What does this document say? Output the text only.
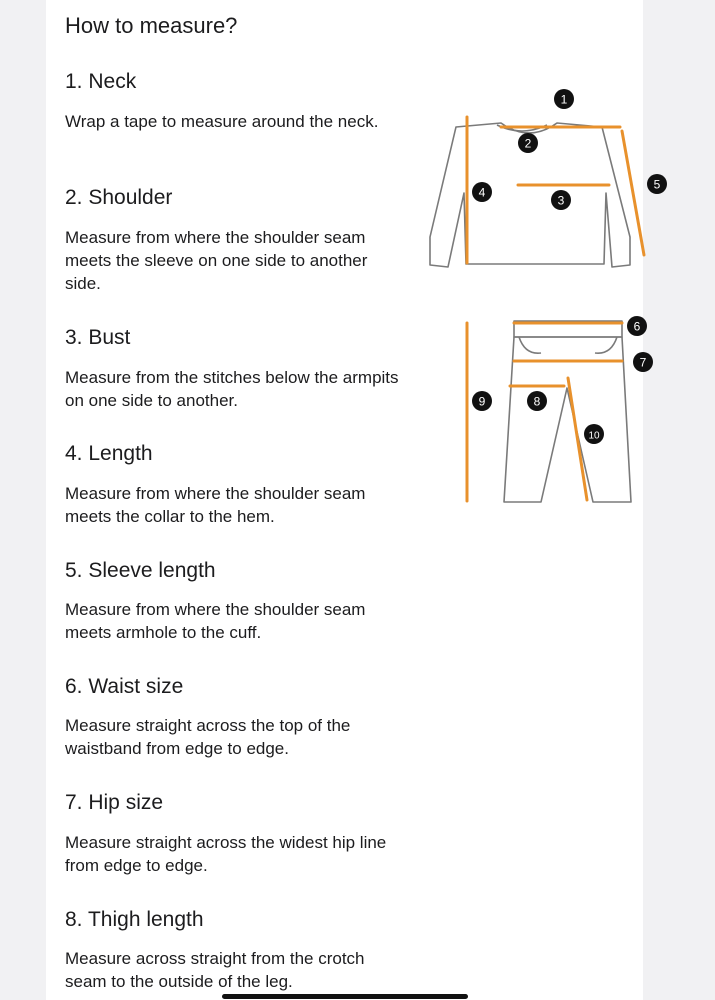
How to measure?
1. Neck
Wrap a tape to measure around the neck.
2. Shoulder
Measure from where the shoulder seam meets the sleeve on one side to another side.
3. Bust
Measure from the stitches below the armpits on one side to another.
4. Length
Measure from where the shoulder seam meets the collar to the hem.
5. Sleeve length
Measure from where the shoulder seam meets armhole to the cuff.
6. Waist size
Measure straight across the top of the waistband from edge to edge.
7. Hip size
Measure straight across the widest hip line from edge to edge.
8. Thigh length
Measure across straight from the crotch seam to the outside of the leg.
1
2
3
4
5
6
7
8
9
10
